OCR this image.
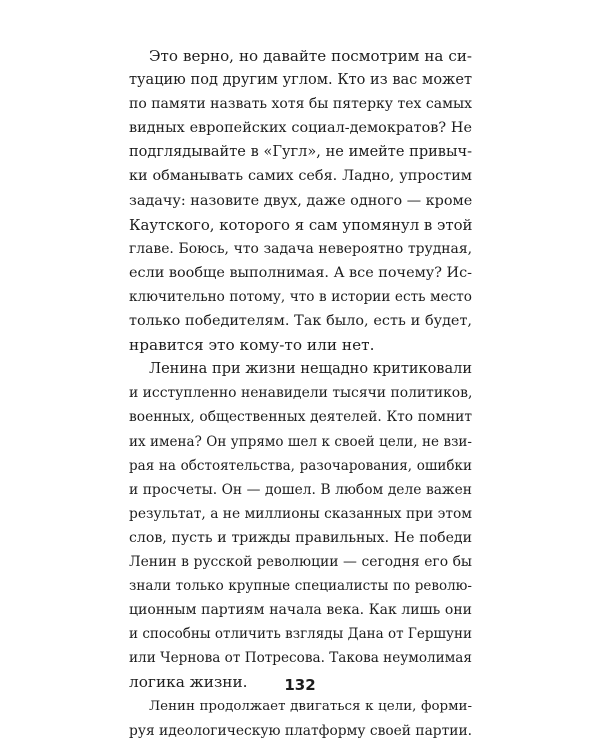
Это верно, но давайте посмотрим на си-
туацию под другим углом. Кто из вас может
по памяти назвать хотя бы пятерку тех самых
видных европейских социал-демократов? Не
подглядывайте в «Гугл», не имейте привыч-
ки обманывать самих себя. Ладно, упростим
задачу: назовите двух, даже одного — кроме
Каутского, которого я сам упомянул в этой
главе. Боюсь, что задача невероятно трудная,
если вообще выполнимая. А все почему? Ис-
ключительно потому, что в истории есть место
только победителям. Так было, есть и будет,
нравится это кому-то или нет.
Ленина при жизни нещадно критиковали
и исступленно ненавидели тысячи политиков,
военных, общественных деятелей. Кто помнит
их имена? Он упрямо шел к своей цели, не взи-
рая на обстоятельства, разочарования, ошибки
и просчеты. Он — дошел. В любом деле важен
результат, а не миллионы сказанных при этом
слов, пусть и трижды правильных. Не победи
Ленин в русской революции — сегодня его бы
знали только крупные специалисты по револю-
ционным партиям начала века. Как лишь они
и способны отличить взгляды Дана от Гершуни
или Чернова от Потресова. Такова неумолимая
логика жизни.
Ленин продолжает двигаться к цели, форми-
руя идеологическую платформу своей партии.
132
